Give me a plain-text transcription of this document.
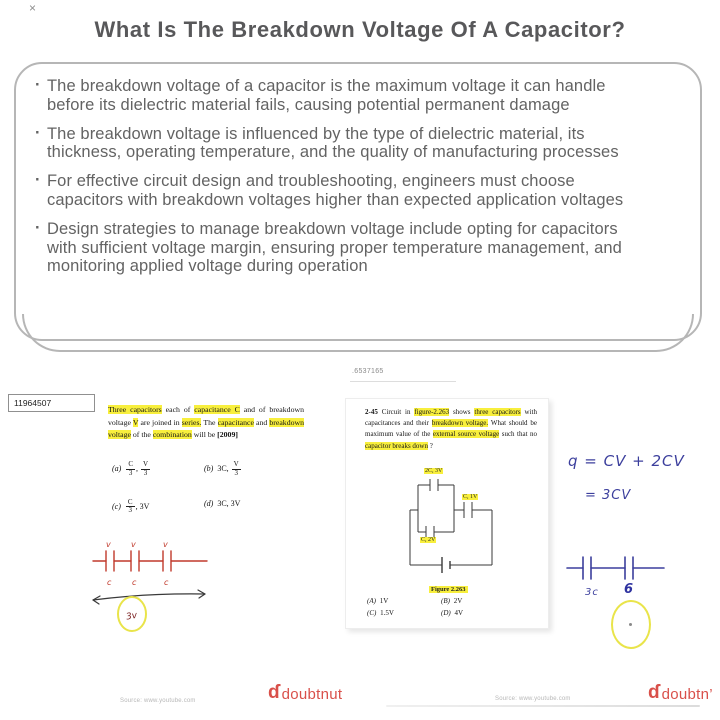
×
What Is The Breakdown Voltage Of A Capacitor?
· The breakdown voltage of a capacitor is the maximum voltage it can handle before its dielectric material fails, causing potential permanent damage
· The breakdown voltage is influenced by the type of dielectric material, its thickness, operating temperature, and the quality of manufacturing processes
· For effective circuit design and troubleshooting, engineers must choose capacitors with breakdown voltages higher than expected application voltages
· Design strategies to manage breakdown voltage include opting for capacitors with sufficient voltage margin, ensuring proper temperature management, and monitoring applied voltage during operation
11964507
Three capacitors each of capacitance C and of breakdown voltage V are joined in series. The capacitance and breakdown voltage of the combination will be [2009]
$(a) \frac{C}{3}$ , $\frac{V}{3}$	(b) 3C, $\frac{V}{3}$
$(c) \frac{C}{3}$ , 3V	(d) 3C, 3V
v	v	v
c	c	c
3v
.6537165
2-45 Circuit in figure-2.263 shows three capacitors with capacitances and their breakdown voltage. What should be maximum value of the external source voltage such that no capacitor breaks down ?
2C, 3V
C, 1V
C, 2V
Figure 2.263
(A) 1V	(B) 2V
(C) 1.5V	(D) 4V
q = CV + 2CV
= 3CV
3c 6
Source: www.youtube.com	Source: www.youtube.com
ɗ doubtnut	ɗ doubtn’
